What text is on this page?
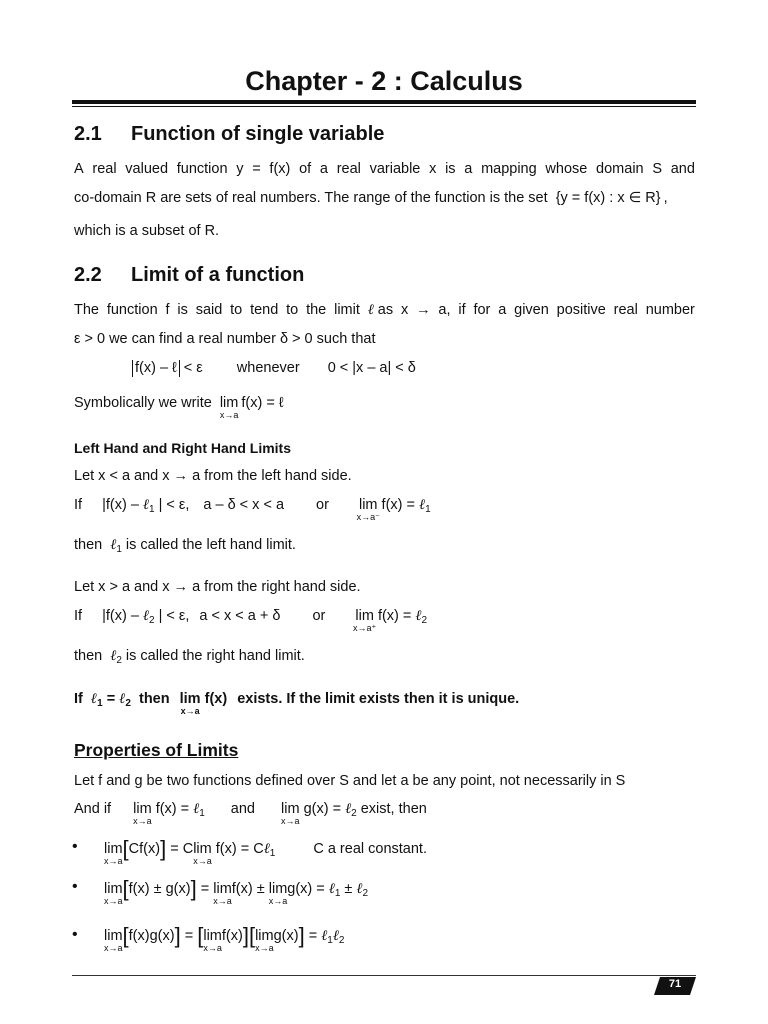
Chapter - 2 : Calculus
2.1 Function of single variable
A real valued function y = f(x) of a real variable x is a mapping whose domain S and
co-domain R are sets of real numbers. The range of the function is the set {y = f(x) : x ∈ R} ,
which is a subset of R.
2.2 Limit of a function
The function f is said to tend to the limit ℓ as x → a, if for a given positive real number
ε > 0 we can find a real number δ > 0 such that
f(x) – ℓ < ε whenever 0 < |x – a| < δ
Symbolically we write lim
x→a
f(x) = ℓ
Left Hand and Right Hand Limits
Let x < a and x → a from the left hand side.
If |f(x) – ℓ$_1$ | < ε, a – δ < x < a or lim
x→a⁻
f(x) = ℓ$_1$
then ℓ$_1$ is called the left hand limit.
Let x > a and x → a from the right hand side.
If |f(x) – ℓ$_2$ | < ε, a < x < a + δ or lim
x→a⁺
f(x) = ℓ$_2$
then ℓ$_2$ is called the right hand limit.
If ℓ$_1$ = ℓ$_2$ then lim
x→a
f(x) exists. If the limit exists then it is unique.
Properties of Limits
Let f and g be two functions defined over S and let a be any point, not necessarily in S
And if lim
x→a
f(x) = ℓ$_1$ and lim
x→a
g(x) = ℓ$_2$ exist, then
• lim
x→a [Cf(x)] = Clim
x→a
f(x) = Cℓ$_1$	C a real constant.
• lim
x→a [f(x) ± g(x)] = lim
x→a
f(x) ± lim
x→a
g(x) = ℓ$_1$ ± ℓ$_2$
• lim
x→a [f(x)g(x)] = [lim
x→a
f(x)][lim
x→a
g(x)] = ℓ$_1$ℓ$_2$
71
